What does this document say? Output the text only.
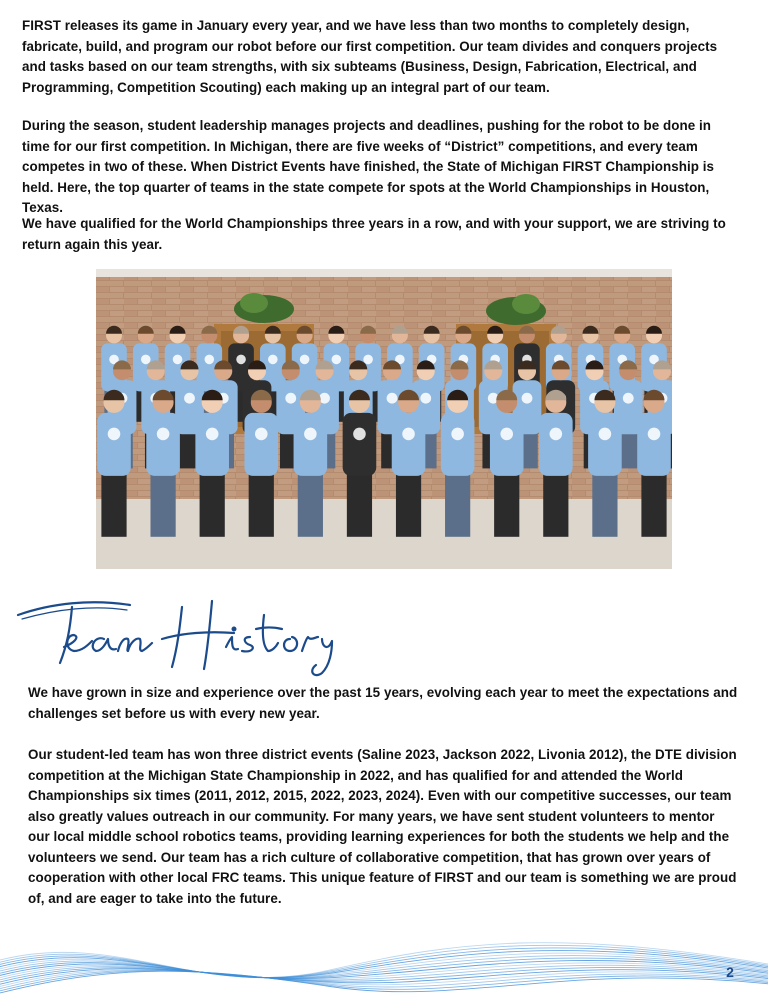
FIRST releases its game in January every year, and we have less than two months to completely design, fabricate, build, and program our robot before our first competition. Our team divides and conquers projects and tasks based on our team strengths, with six subteams (Business, Design, Fabrication, Electrical, and Programming, Competition Scouting) each making up an integral part of our team.

During the season, student leadership manages projects and deadlines, pushing for the robot to be done in time for our first competition. In Michigan, there are five weeks of “District” competitions, and every team competes in two of these. When District Events have finished, the State of Michigan FIRST Championship is held. Here, the top quarter of teams in the state compete for spots at the World Championships in Houston, Texas.

We have qualified for the World Championships three years in a row, and with your support, we are striving to return again this year.

We have grown in size and experience over the past 15 years, evolving each year to meet the expectations and challenges set before us with every new year.

Our student-led team has won three district events (Saline 2023, Jackson 2022, Livonia 2012), the DTE division competition at the Michigan State Championship in 2022, and has qualified for and attended the World Championships six times (2011, 2012, 2015, 2022, 2023, 2024). Even with our competitive successes, our team also greatly values outreach in our community. For many years, we have sent student volunteers to mentor our local middle school robotics teams, providing learning experiences for both the students we help and the volunteers we send. Our team has a rich culture of collaborative competition, that has grown over years of cooperation with other local FRC teams. This unique feature of FIRST and our team is something we are proud of, and are eager to take into the future.

2
